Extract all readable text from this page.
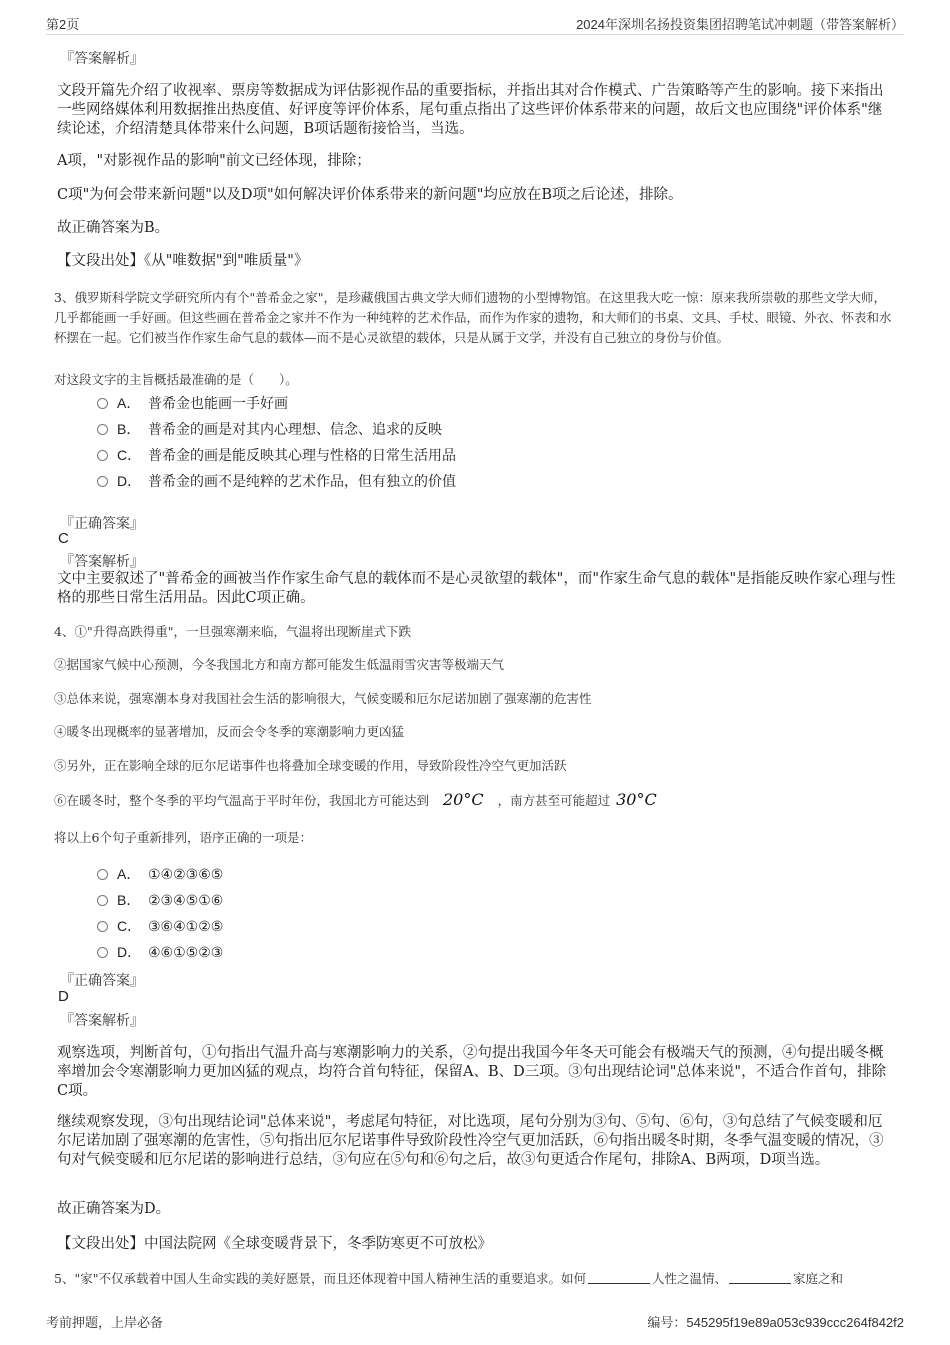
第2页	2024年深圳名扬投资集团招聘笔试冲刺题（带答案解析）
『答案解析』

文段开篇先介绍了收视率、票房等数据成为评估影视作品的重要指标，并指出其对合作模式、广告策略等产生的影响。接下来指出一些网络媒体利用数据推出热度值、好评度等评价体系，尾句重点指出了这些评价体系带来的问题，故后文也应围绕"评价体系"继续论述，介绍清楚具体带来什么问题，B项话题衔接恰当，当选。

A项，"对影视作品的影响"前文已经体现，排除；

C项"为何会带来新问题"以及D项"如何解决评价体系带来的新问题"均应放在B项之后论述，排除。

故正确答案为B。

【文段出处】《从"唯数据"到"唯质量"》

3、俄罗斯科学院文学研究所内有个"普希金之家"，是珍藏俄国古典文学大师们遗物的小型博物馆。在这里我大吃一惊：原来我所崇敬的那些文学大师，几乎都能画一手好画。但这些画在普希金之家并不作为一种纯粹的艺术作品，而作为作家的遗物，和大师们的书桌、文具、手杖、眼镜、外衣、怀表和水杯摆在一起。它们被当作作家生命气息的载体—而不是心灵欲望的载体，只是从属于文学，并没有自己独立的身份与价值。

对这段文字的主旨概括最准确的是（　　）。

A． 普希金也能画一手好画
B． 普希金的画是对其内心理想、信念、追求的反映
C． 普希金的画是能反映其心理与性格的日常生活用品
D． 普希金的画不是纯粹的艺术作品，但有独立的价值
『正确答案』
C
『答案解析』

文中主要叙述了"普希金的画被当作作家生命气息的载体而不是心灵欲望的载体"，而"作家生命气息的载体"是指能反映作家心理与性格的那些日常生活用品。因此C项正确。

4、①"升得高跌得重"，一旦强寒潮来临，气温将出现断崖式下跌

②据国家气候中心预测，今冬我国北方和南方都可能发生低温雨雪灾害等极端天气

③总体来说，强寒潮本身对我国社会生活的影响很大，气候变暖和厄尔尼诺加剧了强寒潮的危害性

④暖冬出现概率的显著增加，反而会令冬季的寒潮影响力更凶猛

⑤另外，正在影响全球的厄尔尼诺事件也将叠加全球变暖的作用，导致阶段性冷空气更加活跃

⑥在暖冬时，整个冬季的平均气温高于平时年份，我国北方可能达到 20°C ，南方甚至可能超过 30°C

将以上6个句子重新排列，语序正确的一项是：

A． ①④②③⑥⑤
B． ②③④⑤①⑥
C． ③⑥④①②⑤
D． ④⑥①⑤②③
『正确答案』
D
『答案解析』

观察选项，判断首句，①句指出气温升高与寒潮影响力的关系，②句提出我国今年冬天可能会有极端天气的预测，④句提出暖冬概率增加会令寒潮影响力更加凶猛的观点，均符合首句特征，保留A、B、D三项。③句出现结论词"总体来说"，不适合作首句，排除C项。

继续观察发现，③句出现结论词"总体来说"，考虑尾句特征，对比选项，尾句分别为③句、⑤句、⑥句，③句总结了气候变暖和厄尔尼诺加剧了强寒潮的危害性，⑤句指出厄尔尼诺事件导致阶段性冷空气更加活跃，⑥句指出暖冬时期，冬季气温变暖的情况，③句对气候变暖和厄尔尼诺的影响进行总结，③句应在⑤句和⑥句之后，故③句更适合作尾句，排除A、B两项，D项当选。

故正确答案为D。

【文段出处】中国法院网《全球变暖背景下，冬季防寒更不可放松》

5、"家"不仅承载着中国人生命实践的美好愿景，而且还体现着中国人精神生活的重要追求。如何	人性之温情、	家庭之和

考前押题，上岸必备	编号：545295f19e89a053c939ccc264f842f2
